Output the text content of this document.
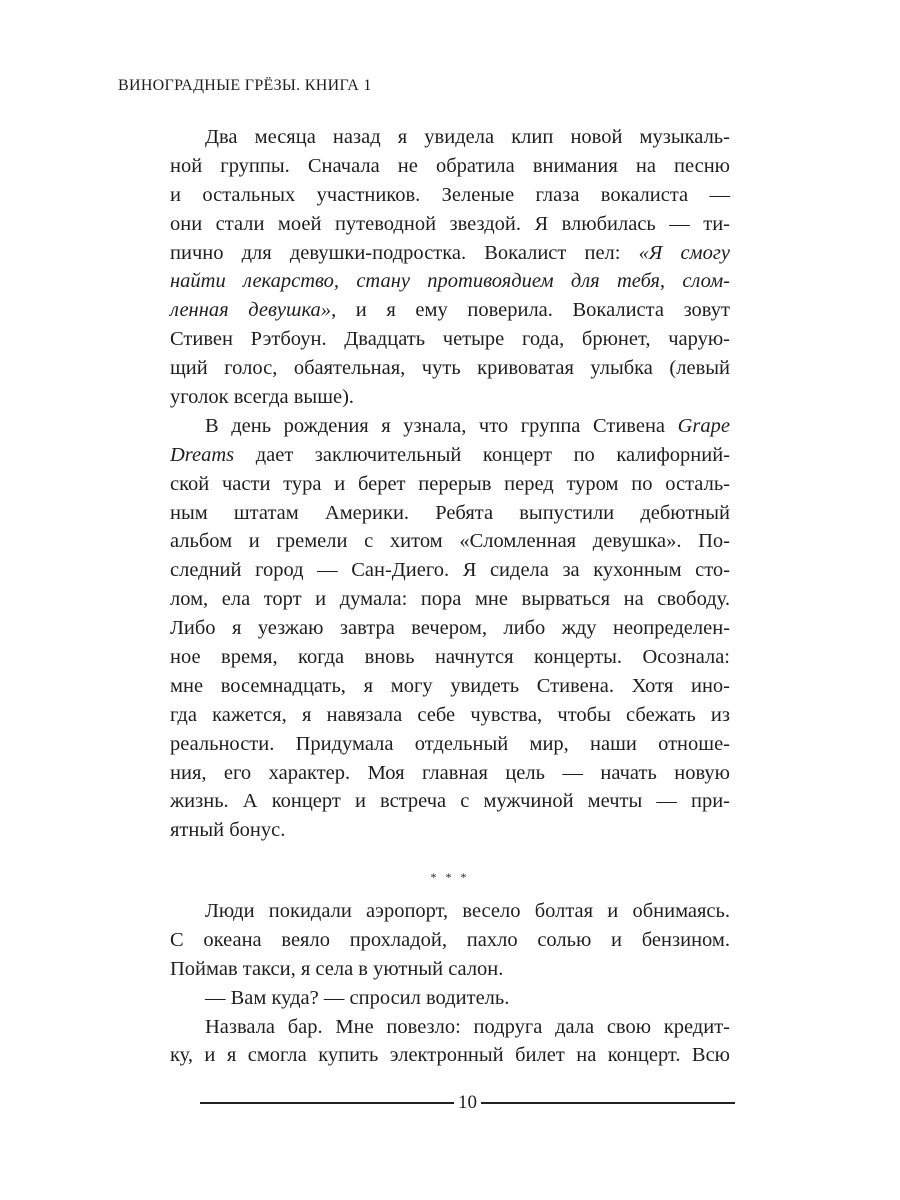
ВИНОГРАДНЫЕ ГРЁЗЫ. КНИГА 1
Два месяца назад я увидела клип новой музыкаль-
ной группы. Сначала не обратила внимания на песню
и остальных участников. Зеленые глаза вокалиста —
они стали моей путеводной звездой. Я влюбилась — ти-
пично для девушки-подростка. Вокалист пел: «Я смогу
найти лекарство, стану противоядием для тебя, слом-
ленная девушка», и я ему поверила. Вокалиста зовут
Стивен Рэтбоун. Двадцать четыре года, брюнет, чарую-
щий голос, обаятельная, чуть кривоватая улыбка (левый
уголок всегда выше).
В день рождения я узнала, что группа Стивена Grape
Dreams дает заключительный концерт по калифорний-
ской части тура и берет перерыв перед туром по осталь-
ным штатам Америки. Ребята выпустили дебютный
альбом и гремели с хитом «Сломленная девушка». По-
следний город — Сан-Диего. Я сидела за кухонным сто-
лом, ела торт и думала: пора мне вырваться на свободу.
Либо я уезжаю завтра вечером, либо жду неопределен-
ное время, когда вновь начнутся концерты. Осознала:
мне восемнадцать, я могу увидеть Стивена. Хотя ино-
гда кажется, я навязала себе чувства, чтобы сбежать из
реальности. Придумала отдельный мир, наши отноше-
ния, его характер. Моя главная цель — начать новую
жизнь. А концерт и встреча с мужчиной мечты — при-
ятный бонус.
* * *
Люди покидали аэропорт, весело болтая и обнимаясь.
С океана веяло прохладой, пахло солью и бензином.
Поймав такси, я села в уютный салон.
— Вам куда? — спросил водитель.
Назвала бар. Мне повезло: подруга дала свою кредит-
ку, и я смогла купить электронный билет на концерт. Всю
10
